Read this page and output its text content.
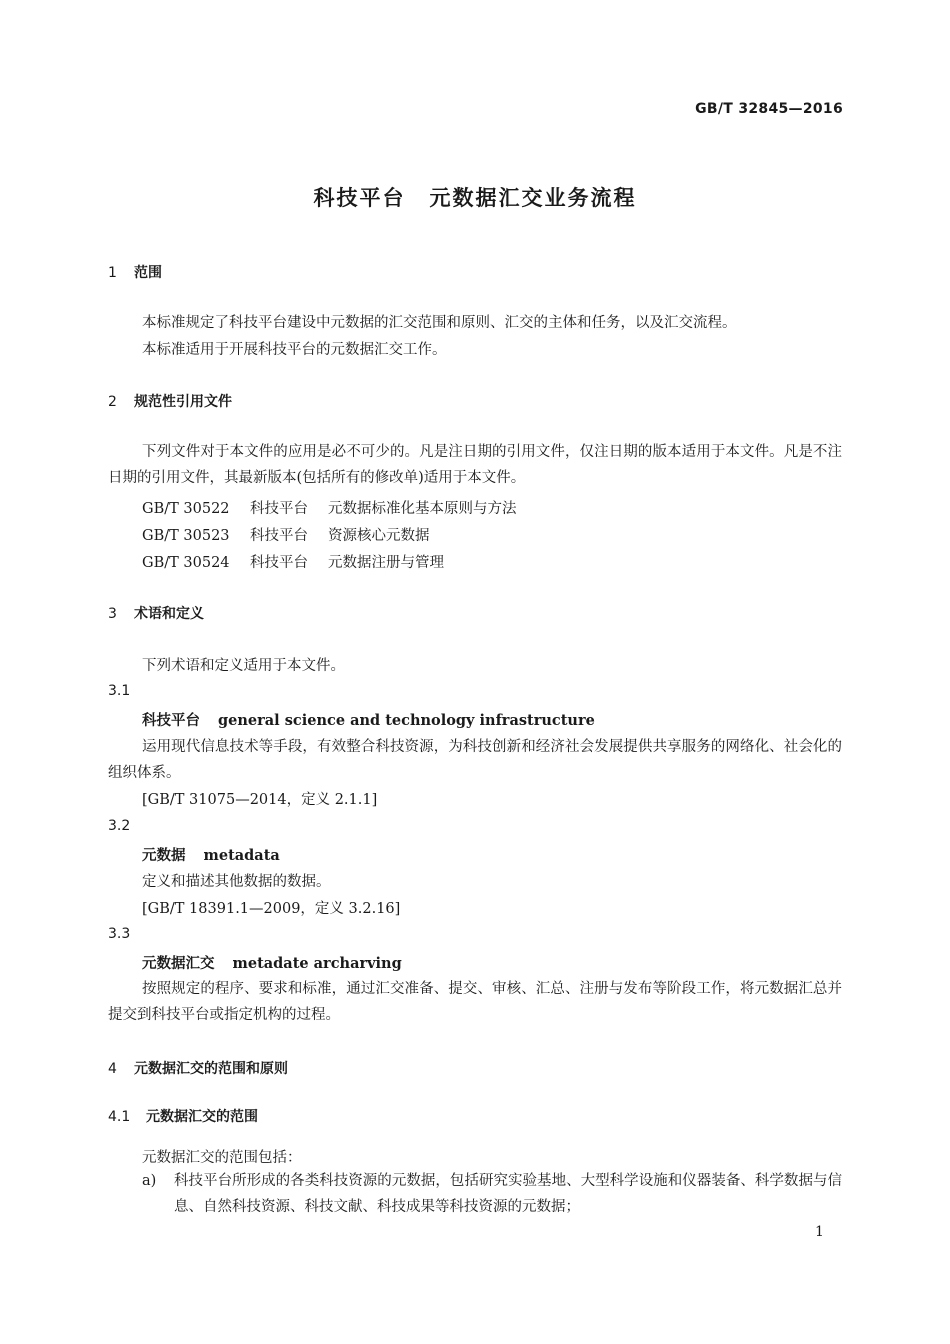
GB/T 32845—2016
科技平台 元数据汇交业务流程
1 范围
本标准规定了科技平台建设中元数据的汇交范围和原则、汇交的主体和任务，以及汇交流程。
本标准适用于开展科技平台的元数据汇交工作。
2 规范性引用文件
下列文件对于本文件的应用是必不可少的。凡是注日期的引用文件，仅注日期的版本适用于本文件。凡是不注日期的引用文件，其最新版本(包括所有的修改单)适用于本文件。
GB/T 30522 科技平台 元数据标准化基本原则与方法
GB/T 30523 科技平台 资源核心元数据
GB/T 30524 科技平台 元数据注册与管理
3 术语和定义
下列术语和定义适用于本文件。
3.1
科技平台 general science and technology infrastructure
运用现代信息技术等手段，有效整合科技资源，为科技创新和经济社会发展提供共享服务的网络化、社会化的组织体系。
[GB/T 31075—2014，定义 2.1.1]
3.2
元数据 metadata
定义和描述其他数据的数据。
[GB/T 18391.1—2009，定义 3.2.16]
3.3
元数据汇交 metadate archarving
按照规定的程序、要求和标准，通过汇交准备、提交、审核、汇总、注册与发布等阶段工作，将元数据汇总并提交到科技平台或指定机构的过程。
4 元数据汇交的范围和原则
4.1 元数据汇交的范围
元数据汇交的范围包括：
a) 科技平台所形成的各类科技资源的元数据，包括研究实验基地、大型科学设施和仪器装备、科学数据与信息、自然科技资源、科技文献、科技成果等科技资源的元数据；
1
